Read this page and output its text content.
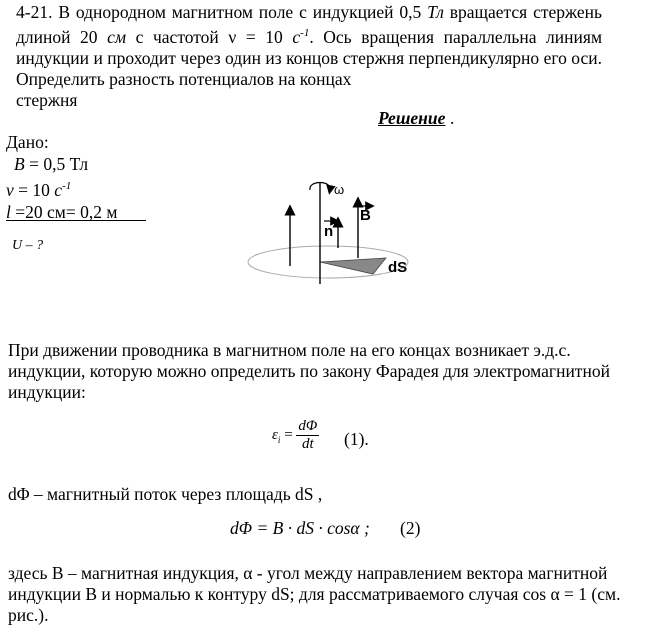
4-21. В однородном магнитном поле с индукцией 0,5 Тл вращается стержень длиной 20 см с частотой ν = 10 $с^{-1}$. Ось вращения параллельна линиям индукции и проходит через один из концов стержня перпендикулярно его оси. Определить разность потенциалов на концах
стержня
Решение .
Дано:
B = 0,5 Тл
ν = 10 $с^{-1}$
l =20 см= 0,2 м
U – ?
ω
B
n
dS
При движении проводника в магнитном поле на его концах возникает э.д.с. индукции, которую можно определить по закону Фарадея для электромагнитной индукции:
$\varepsilon_i = \frac{d\Phi}{dt} (1)$.
dΦ – магнитный поток через площадь dS ,
dΦ = B · dS · cosα ; (2)
здесь B – магнитная индукция, α - угол между направлением вектора магнитной индукции B и нормалью к контуру dS; для рассматриваемого случая cos α = 1 (см. рис.).
